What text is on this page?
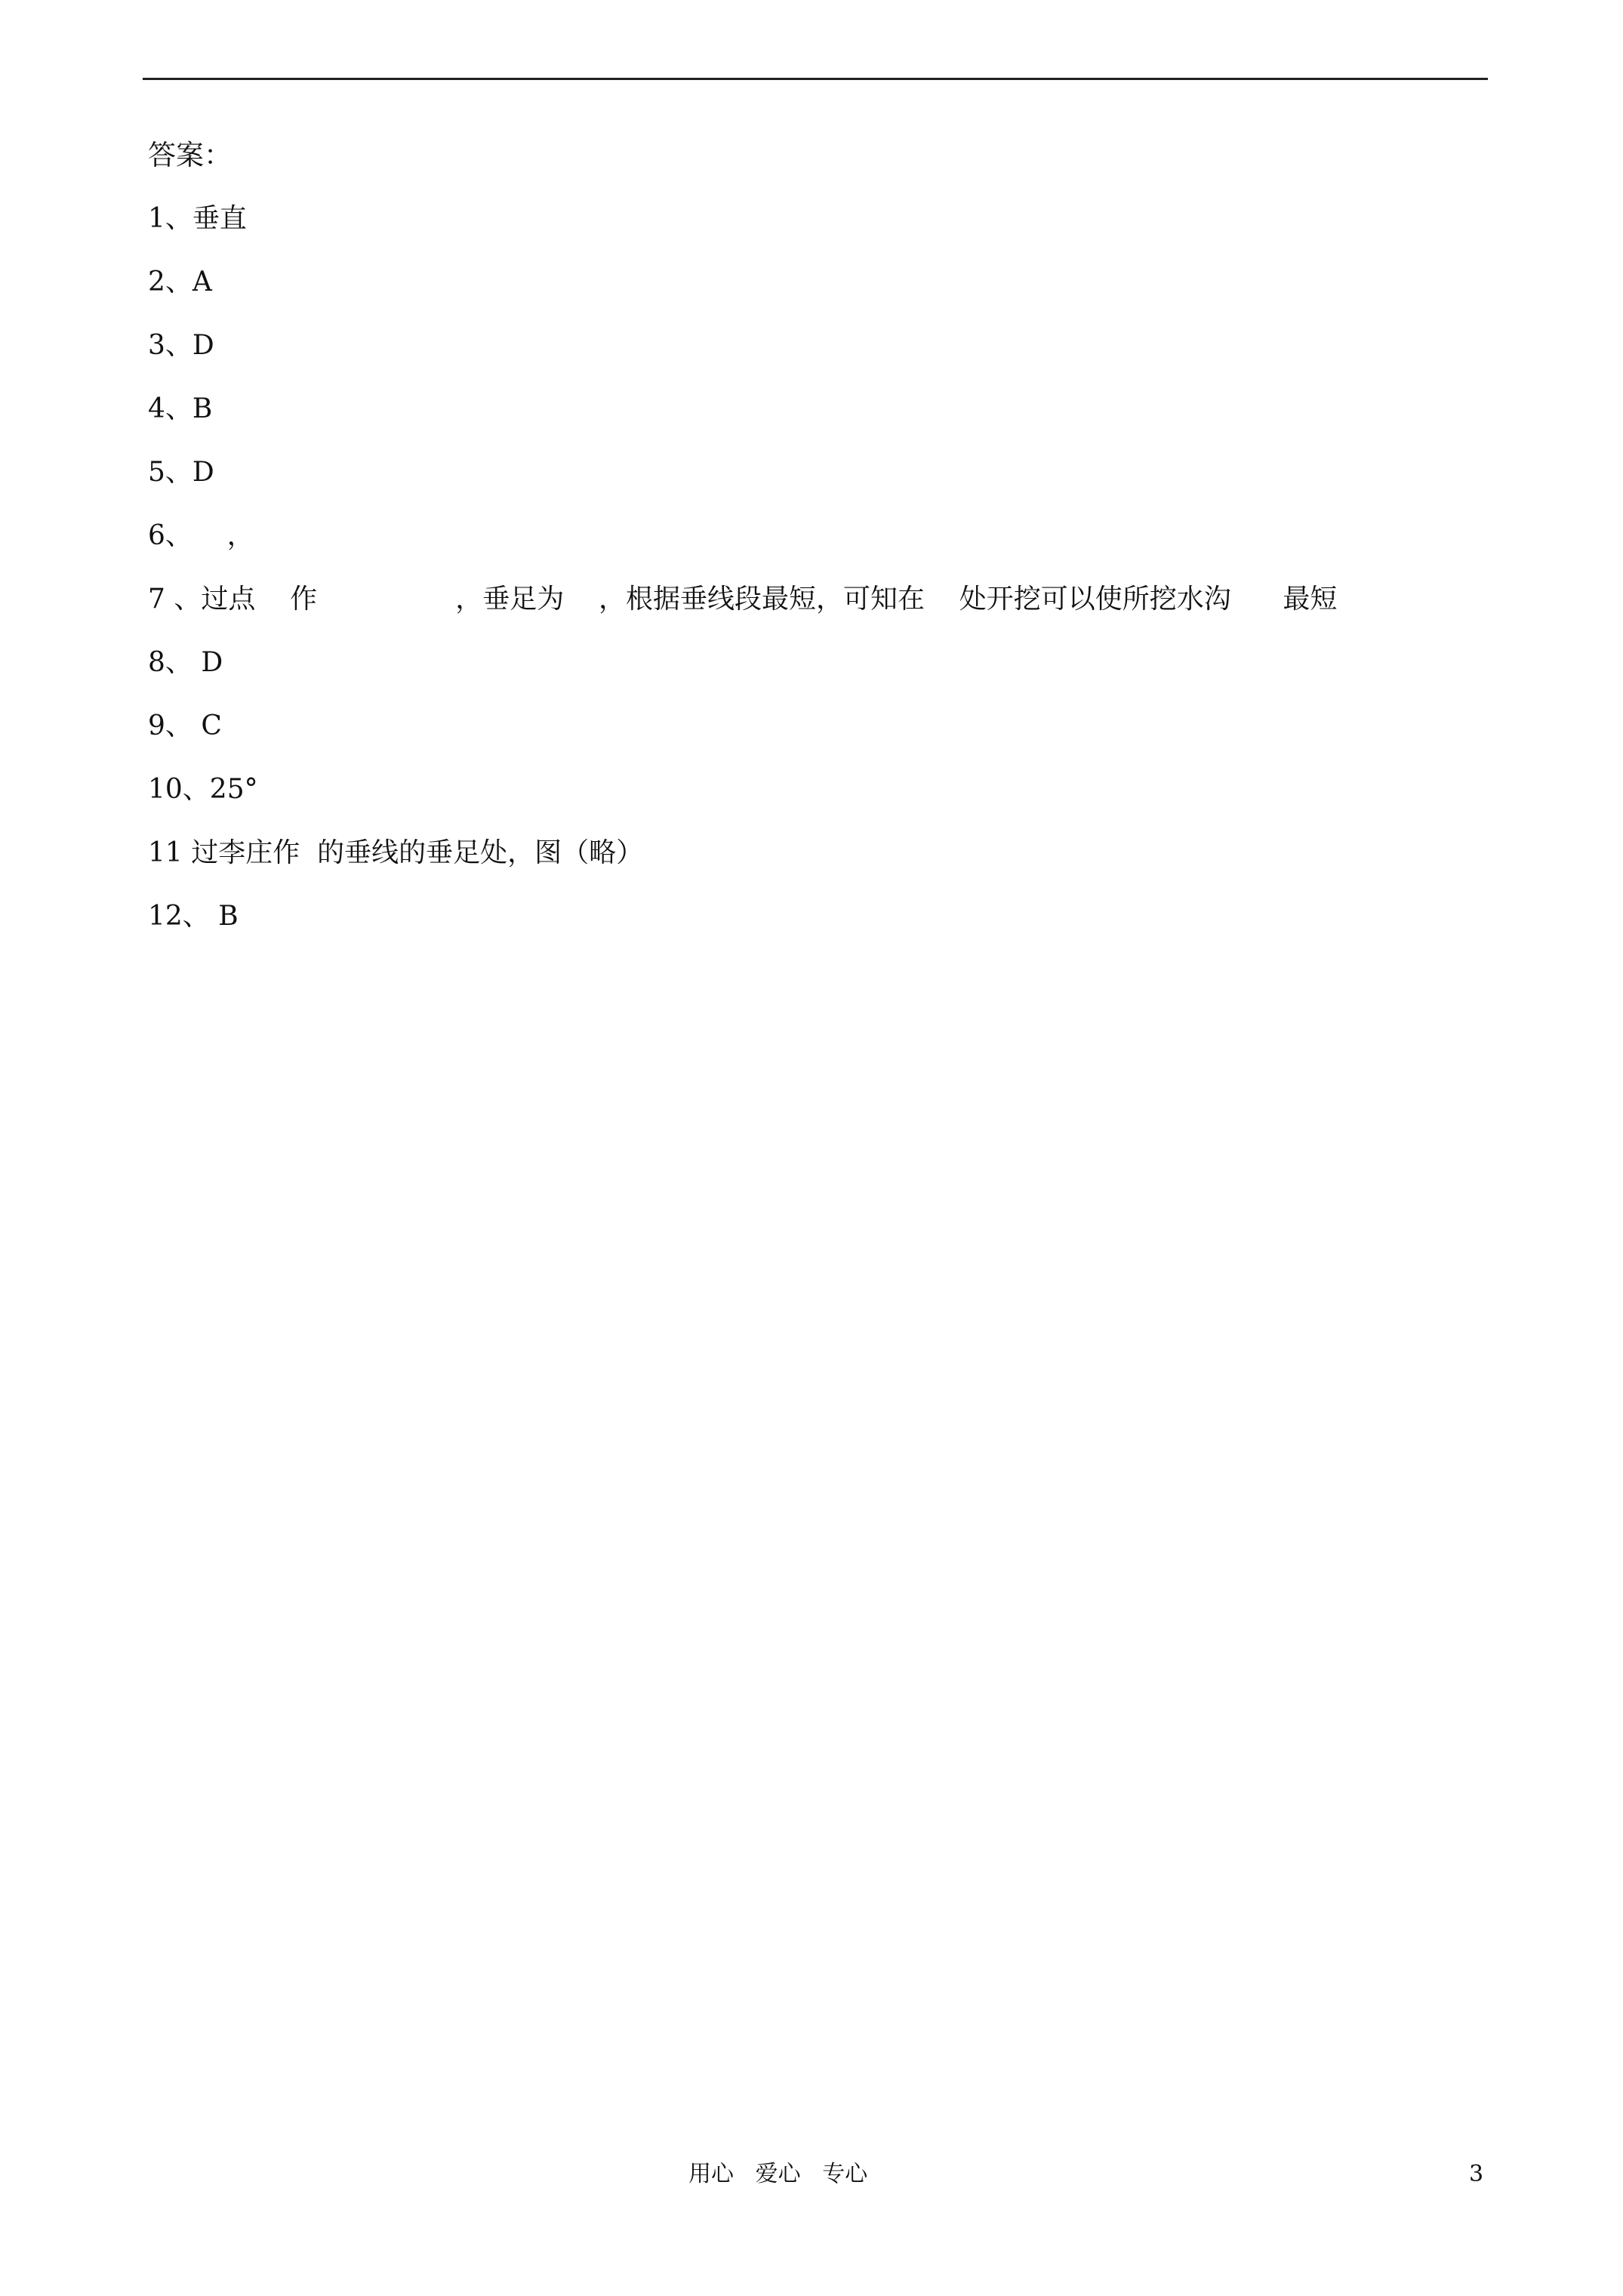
答案：
1、垂直
2、A
3、D
4、B
5、D
6、    ，
7 、过点    作                ，垂足为    ，根据垂线段最短，可知在    处开挖可以使所挖水沟      最短
8、 D
9、 C
10、25°
11 过李庄作  的垂线的垂足处，图（略）
12、 B
用心   爱心   专心	3
